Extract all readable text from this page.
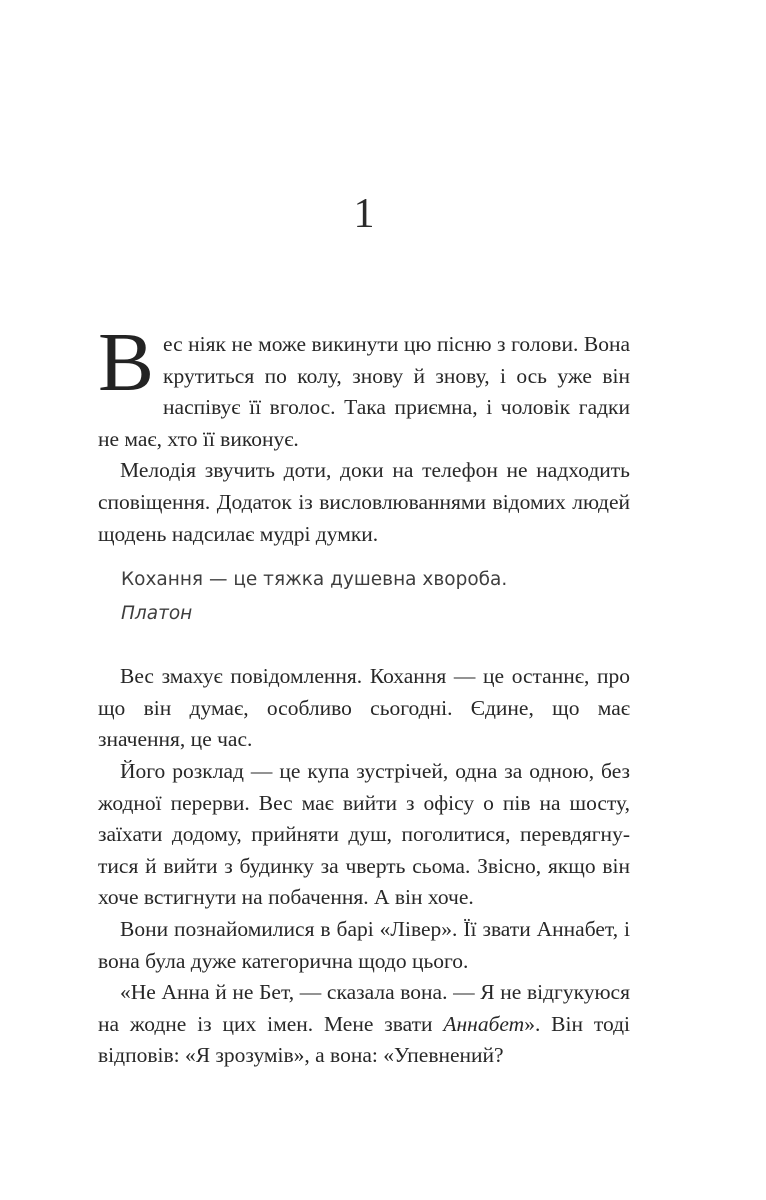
1

Вес ніяк не може викинути цю пісню з голови. Вона крутиться по колу, знову й знову, і ось уже він наспівує її вголос. Така приємна, і чоловік гадки не має, хто її виконує.

Мелодія звучить доти, доки на телефон не надходить сповіщення. Додаток із висловлюваннями відомих людей щодень надсилає мудрі думки.

Кохання — це тяжка душевна хвороба.
Платон

Вес змахує повідомлення. Кохання — це останнє, про що він думає, особливо сьогодні. Єдине, що має значення, це час.

Його розклад — це купа зустрічей, одна за одною, без жодної перерви. Вес має вийти з офісу о пів на шосту, заїхати додому, прийняти душ, поголитися, перевдягнутися й вийти з будинку за чверть сьома. Звісно, якщо він хоче встигнути на побачення. А він хоче.

Вони познайомилися в барі «Лівер». Її звати Аннабет, і вона була дуже категорична щодо цього.

«Не Анна й не Бет, — сказала вона. — Я не відгукуюся на жодне із цих імен. Мене звати Аннабет». Він тоді відповів: «Я зрозумів», а вона: «Упевнений?
